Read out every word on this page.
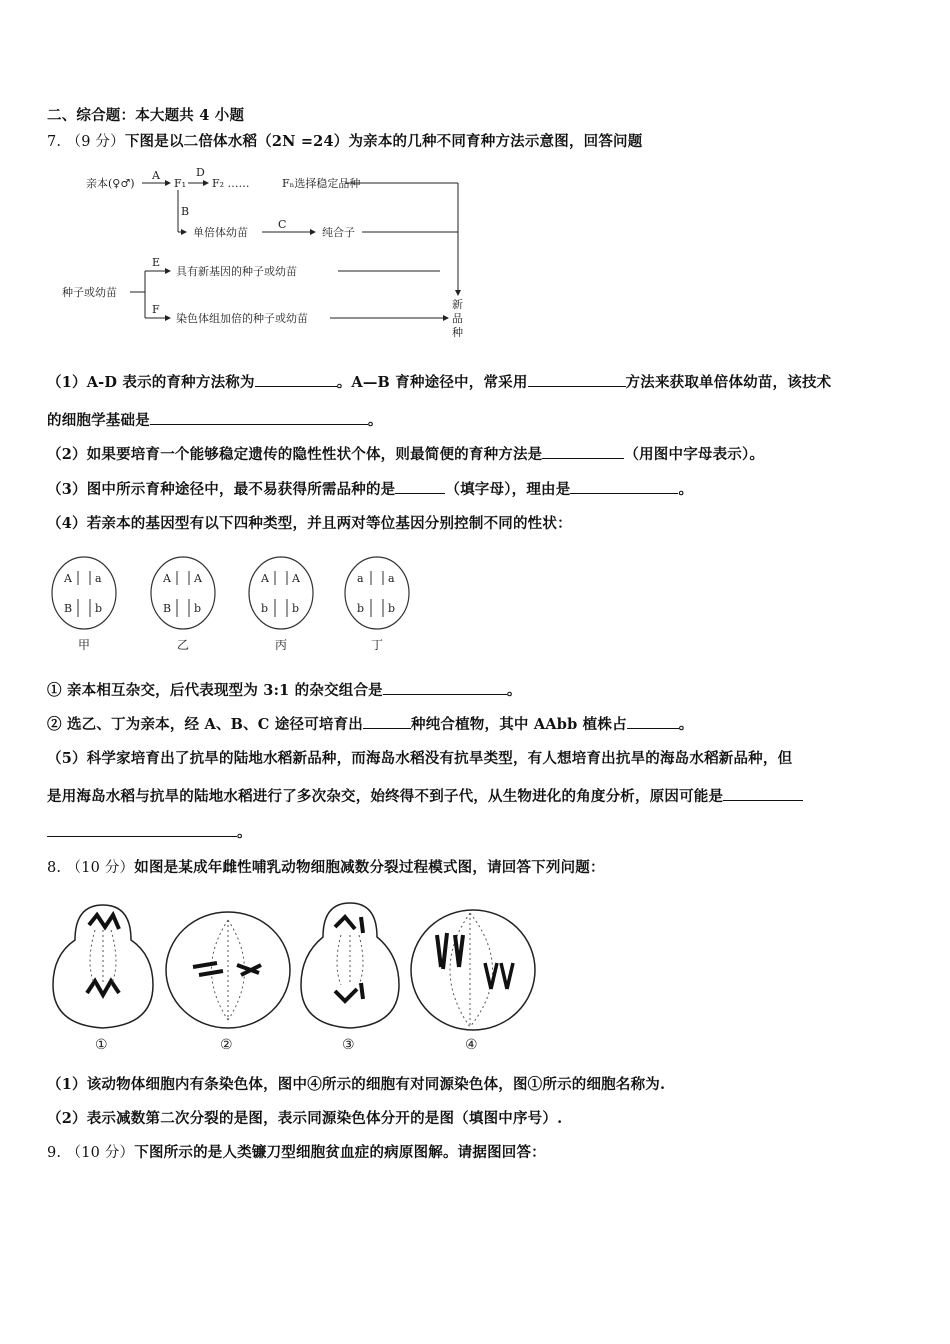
二、综合题：本大题共 4 小题
7. （9 分）下图是以二倍体水稻（2N =24）为亲本的几种不同育种方法示意图，回答问题
亲本(♀♂)
A
F₁
D
F₂ ……	Fₙ选择稳定品种
B
单倍体幼苗
C
纯合子
种子或幼苗
E
具有新基因的种子或幼苗
F
染色体组加倍的种子或幼苗
新
品
种
（1）A-D 表示的育种方法称为	。A—B 育种途径中，常采用	方法来获取单倍体幼苗，该技术
的细胞学基础是	。
（2）如果要培育一个能够稳定遗传的隐性性状个体，则最简便的育种方法是	（用图中字母表示）。
（3）图中所示育种途径中，最不易获得所需品种的是	（填字母），理由是	。
（4）若亲本的基因型有以下四种类型，并且两对等位基因分别控制不同的性状：
A a
B b
甲
A A
B b
乙
A A
b b
丙
a a
b b
丁
① 亲本相互杂交，后代表现型为 3:1 的杂交组合是	。
② 选乙、丁为亲本，经 A、B、C 途径可培育出	种纯合植物，其中 AAbb 植株占	。
（5）科学家培育出了抗旱的陆地水稻新品种，而海岛水稻没有抗旱类型，有人想培育出抗旱的海岛水稻新品种，但
是用海岛水稻与抗旱的陆地水稻进行了多次杂交，始终得不到子代，从生物进化的角度分析，原因可能是
。
8. （10 分）如图是某成年雌性哺乳动物细胞减数分裂过程模式图，请回答下列问题：
①	②	③	④
（1）该动物体细胞内有条染色体，图中④所示的细胞有对同源染色体，图①所示的细胞名称为.
（2）表示减数第二次分裂的是图，表示同源染色体分开的是图（填图中序号）.
9. （10 分）下图所示的是人类镰刀型细胞贫血症的病原图解。请据图回答：
